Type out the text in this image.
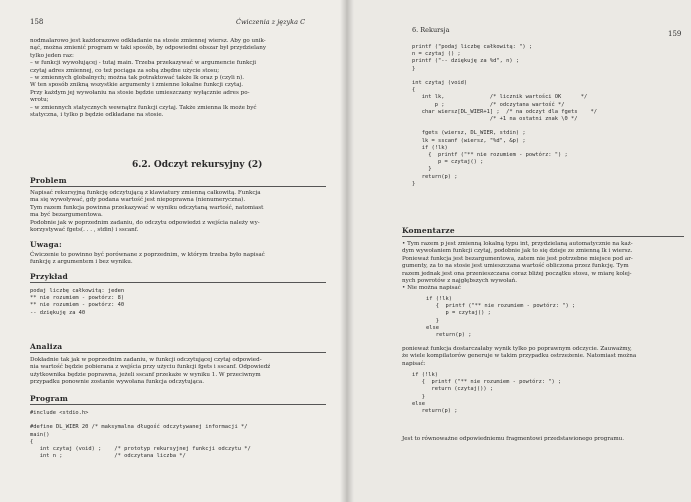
158	Ćwiczenia z języka C
nodmalarowo jest każdorazowe odkładanie na stosie zmiennej wiersz. Aby go unik-
nąć, można zmienić program w taki sposób, by odpowiedni obszar był przydzielany
tylko jeden raz:
– w funkcji wywołującej - tutaj main. Trzeba przekazywać w argumencie funkcji
czytaj adres zmiennej, co też pociąga za sobą zbędne użycie stosu;
– w zmiennych globalnych; można tak potraktować także lk oraz p (czyli n).
W ten sposób znikną wszystkie argumenty i zmienne lokalne funkcji czytaj.
Przy każdym jej wywołaniu na stosie będzie umieszczany wyłącznie adres po-
wrotu;
– w zmiennych statycznych wewnątrz funkcji czytaj. Także zmienna lk może być
statyczna, i tylko p będzie odkładane na stosie.
6.2. Odczyt rekursyjny (2)
Problem
Napisać rekursyjną funkcję odczytującą z klawiatury zmienną całkowitą. Funkcja
ma się wywoływać, gdy podana wartość jest niepoprawna (nienumeryczna).
Tym razem funkcja powinna przekazywać w wyniku odczytaną wartość, natomiast
ma być bezargumentowa.
Podobnie jak w poprzednim zadaniu, do odczytu odpowiedzi z wejścia należy wy-
korzystywać fgets(. . . , stdin) i sscanf.
Uwaga:
Ćwiczenie to powinno być porównane z poprzednim, w którym trzeba było napisać
funkcję z argumentem i bez wyniku.
Przykład
podaj liczbę całkowitą: jeden
** nie rozumiem - powtórz: 8)
** nie rozumiem - powtórz: 40
-- dziękuję za 40
Analiza
Dokładnie tak jak w poprzednim zadaniu, w funkcji odczytującej czytaj odpowied-
nia wartość będzie pobierana z wejścia przy użyciu funkcji fgets i sscanf. Odpowiedź
użytkownika będzie poprawna, jeżeli sscanf przekaże w wyniku 1. W przeciwnym
przypadku ponownie zostanie wywołana funkcja odczytująca.
Program
#include <stdio.h>

#define DL_WIER 20 /* maksymalna długość odczytywanej informacji */
main()
{
int czytaj (void) ;    /* prototyp rekursyjnej funkcji odczytu */
int n ;                /* odczytana liczba */
6. Rekursja	159
printf ("podaj liczbę całkowitą: ") ;
n = czytaj () ;
printf ("-- dziękuję za %d", n) ;
}

int czytaj (void)
{
int lk,              /* licznik wartości OK      */
p ;              /* odczytana wartość */
char wiersz[DL_WIER+1] ;  /* na odczyt dla fgets    */
/* +1 na ostatni znak \0 */

fgets (wiersz, DL_WIER, stdin) ;
lk = sscanf (wiersz, "%d", &p) ;
if (!lk)
{  printf ("** nie rozumiem - powtórz: ") ;
p = czytaj() ;
}
return(p) ;
}
Komentarze
• Tym razem p jest zmienną lokalną typu int, przydzielaną automatycznie na każ-
dym wywołaniem funkcji czytaj, podobnie jak to się dzieje ze zmienną lk i wiersz.
Ponieważ funkcja jest bezargumentowa, zatem nie jest potrzebne miejsce pod ar-
gumenty, za to na stosie jest umieszczana wartość obliczona przez funkcję. Tym
razem jednak jest ona przenieszczana coraz bliżej początku stosu, w miarę kolej-
nych powrotów z najgłębszych wywołań.
• Nie można napisać
if (!lk)
{  printf ("** nie rozumiem - powtórz: ") ;
p = czytaj() ;
}
else
return(p) ;
ponieważ funkcja dostarczałaby wynik tylko po poprawnym odczycie. Zauważmy,
że wiele kompilatorów generuje w takim przypadku ostrzeżenie. Natomiast można
napisać:
if (!lk)
{  printf ("** nie rozumiem - powtórz: ") ;
return (czytaj()) ;
}
else
return(p) ;
Jest to równoważne odpowiedniemu fragmentowi przedstawionego programu.
